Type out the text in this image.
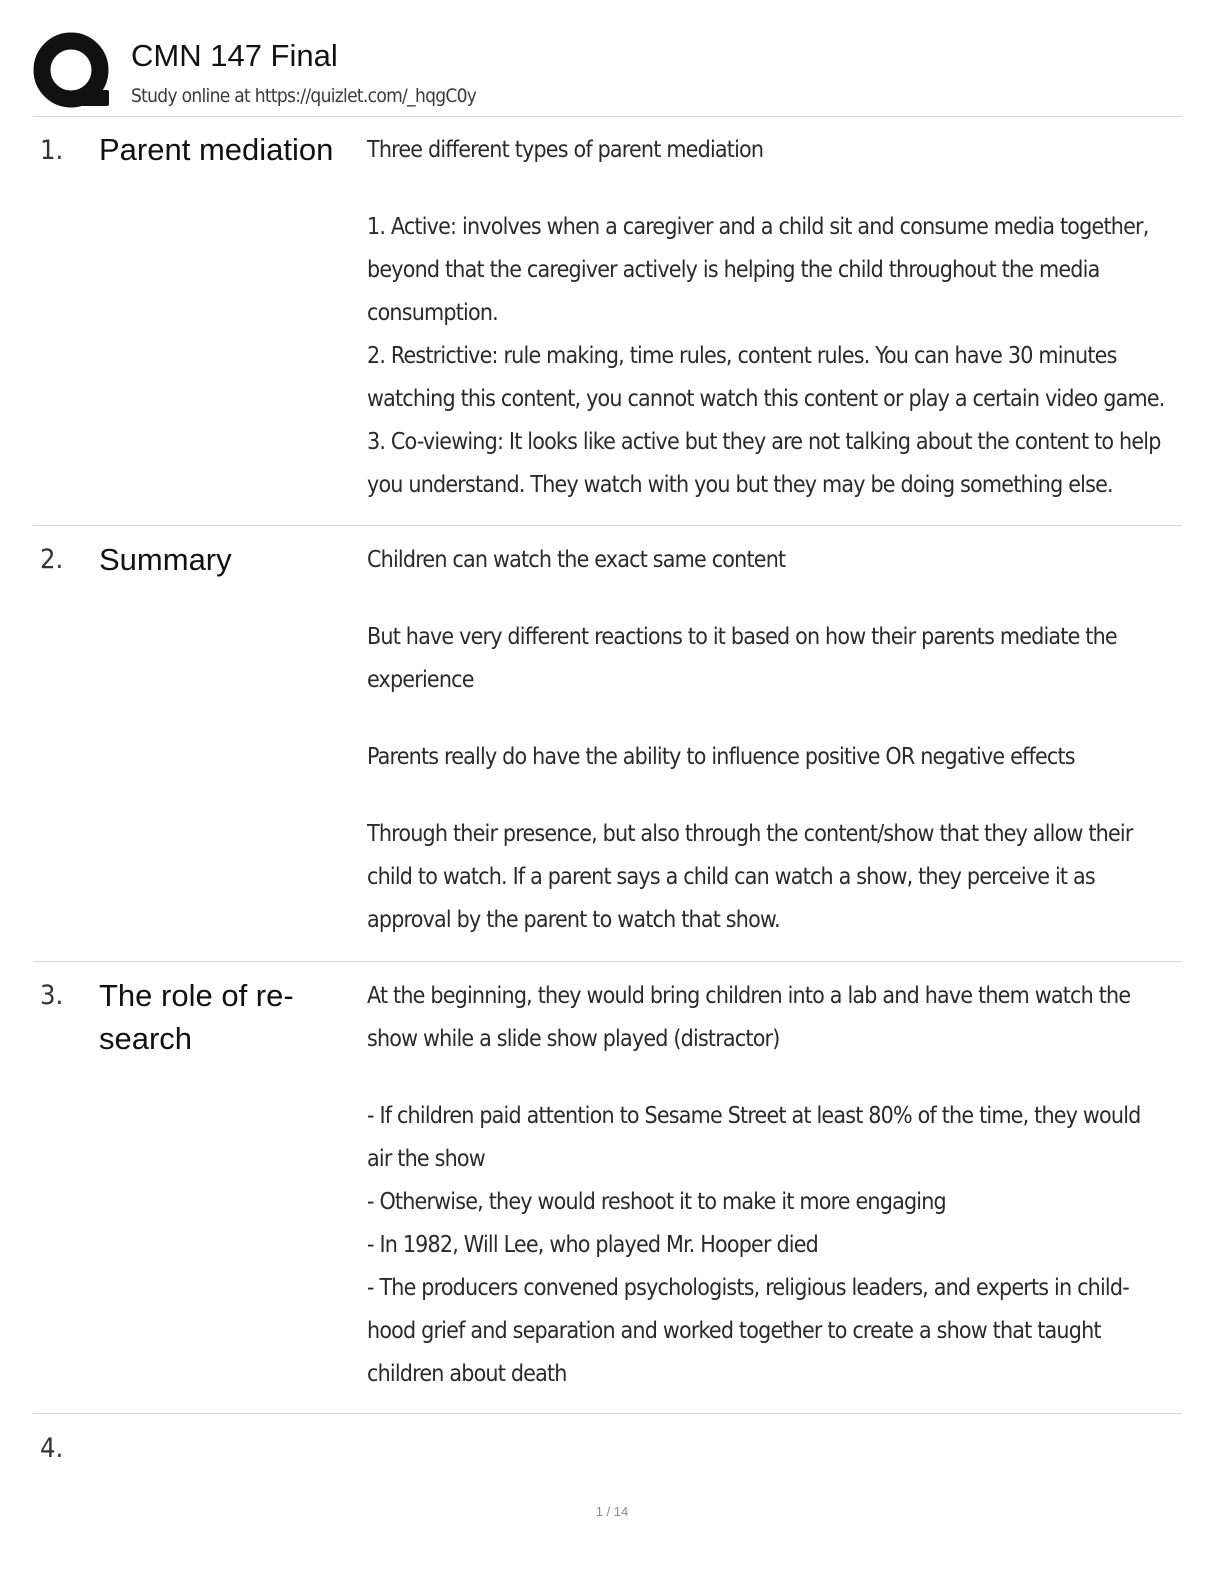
CMN 147 Final
Study online at https://quizlet.com/_hqgC0y
1. Parent mediation	Three different types of parent mediation

1. Active: involves when a caregiver and a child sit and consume media together, beyond that the caregiver actively is helping the child throughout the media consumption.

2. Restrictive: rule making, time rules, content rules. You can have 30 minutes watching this content, you cannot watch this content or play a certain video game.

3. Co-viewing: It looks like active but they are not talking about the content to help you understand. They watch with you but they may be doing something else.

2. Summary	Children can watch the exact same content

But have very different reactions to it based on how their parents mediate the experience

Parents really do have the ability to influence positive OR negative effects

Through their presence, but also through the content/show that they allow their child to watch. If a parent says a child can watch a show, they perceive it as approval by the parent to watch that show.

3. The role of re-search

At the beginning, they would bring children into a lab and have them watch the show while a slide show played (distractor)

- If children paid attention to Sesame Street at least 80% of the time, they would air the show

- Otherwise, they would reshoot it to make it more engaging

- In 1982, Will Lee, who played Mr. Hooper died

- The producers convened psychologists, religious leaders, and experts in child-hood grief and separation and worked together to create a show that taught children about death

4.
1 / 14
